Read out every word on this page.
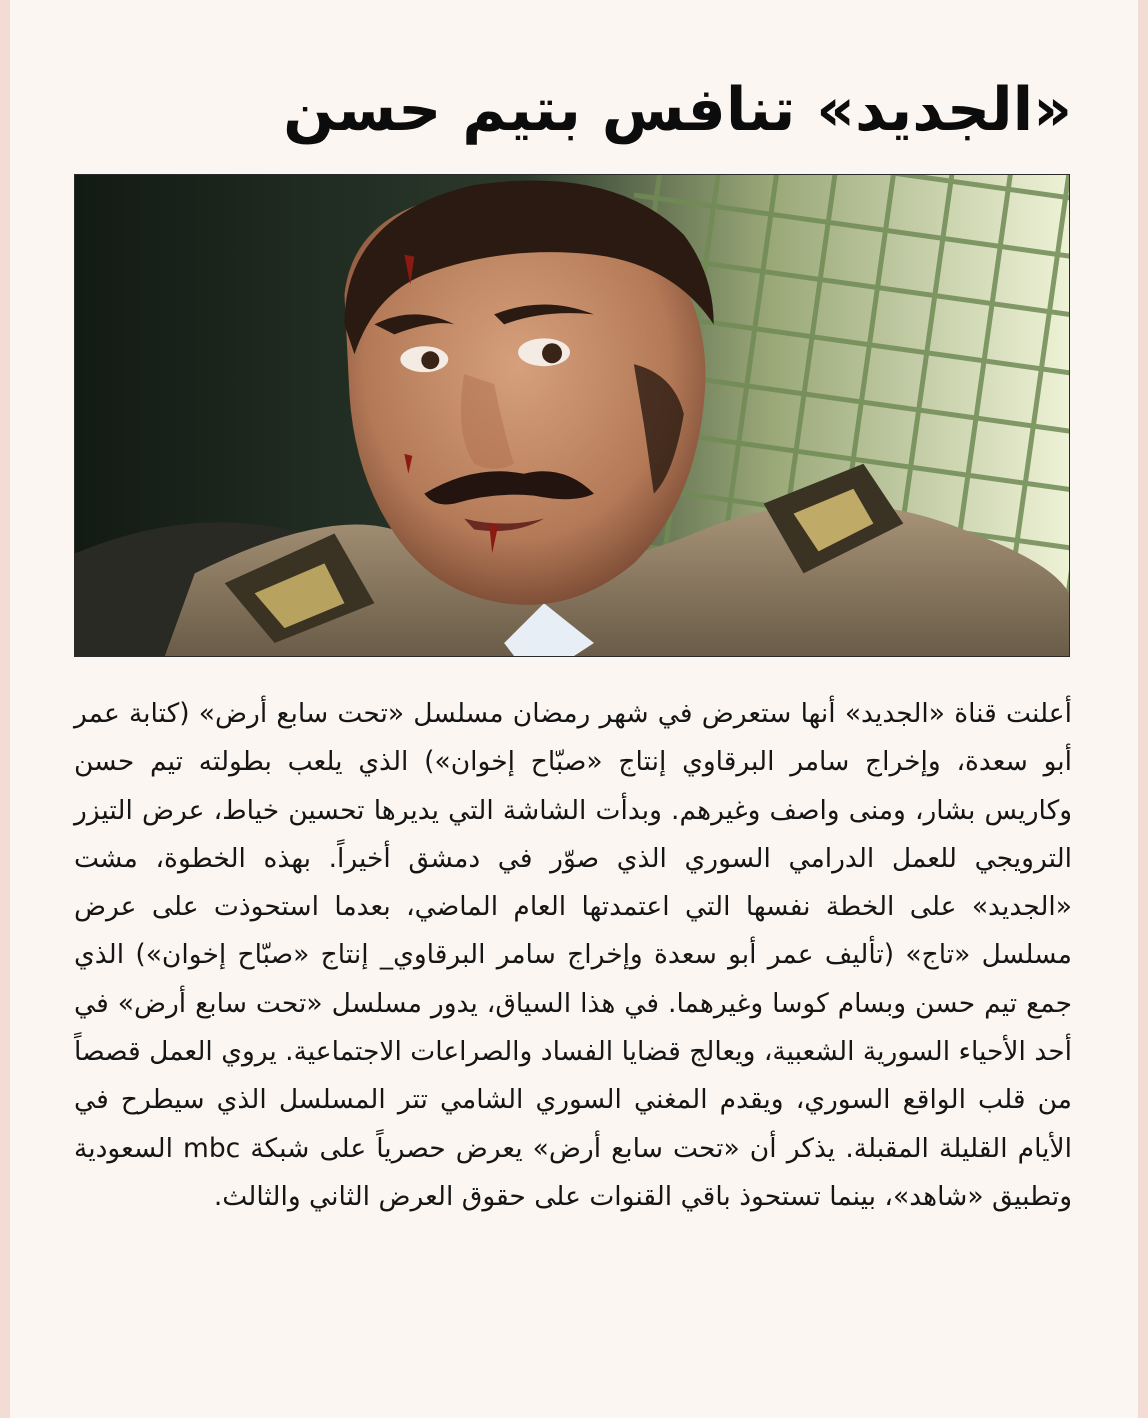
«الجديد» تنافس بتيم حسن

أعلنت قناة «الجديد» أنها ستعرض في شهر رمضان مسلسل «تحت سابع أرض» (كتابة عمر أبو سعدة، وإخراج سامر البرقاوي إنتاج «صبّاح إخوان») الذي يلعب بطولته تيم حسن وكاريس بشار، ومنى واصف وغيرهم. وبدأت الشاشة التي يديرها تحسين خياط، عرض التيزر الترويجي للعمل الدرامي السوري الذي صوّر في دمشق أخيراً. بهذه الخطوة، مشت «الجديد» على الخطة نفسها التي اعتمدتها العام الماضي، بعدما استحوذت على عرض مسلسل «تاج» (تأليف عمر أبو سعدة وإخراج سامر البرقاوي_ إنتاج «صبّاح إخوان») الذي جمع تيم حسن وبسام كوسا وغيرهما. في هذا السياق، يدور مسلسل «تحت سابع أرض» في أحد الأحياء السورية الشعبية، ويعالج قضايا الفساد والصراعات الاجتماعية. يروي العمل قصصاً من قلب الواقع السوري، ويقدم المغني السوري الشامي تتر المسلسل الذي سيطرح في الأيام القليلة المقبلة. يذكر أن «تحت سابع أرض» يعرض حصرياً على شبكة mbc السعودية وتطبيق «شاهد»، بينما تستحوذ باقي القنوات على حقوق العرض الثاني والثالث.
